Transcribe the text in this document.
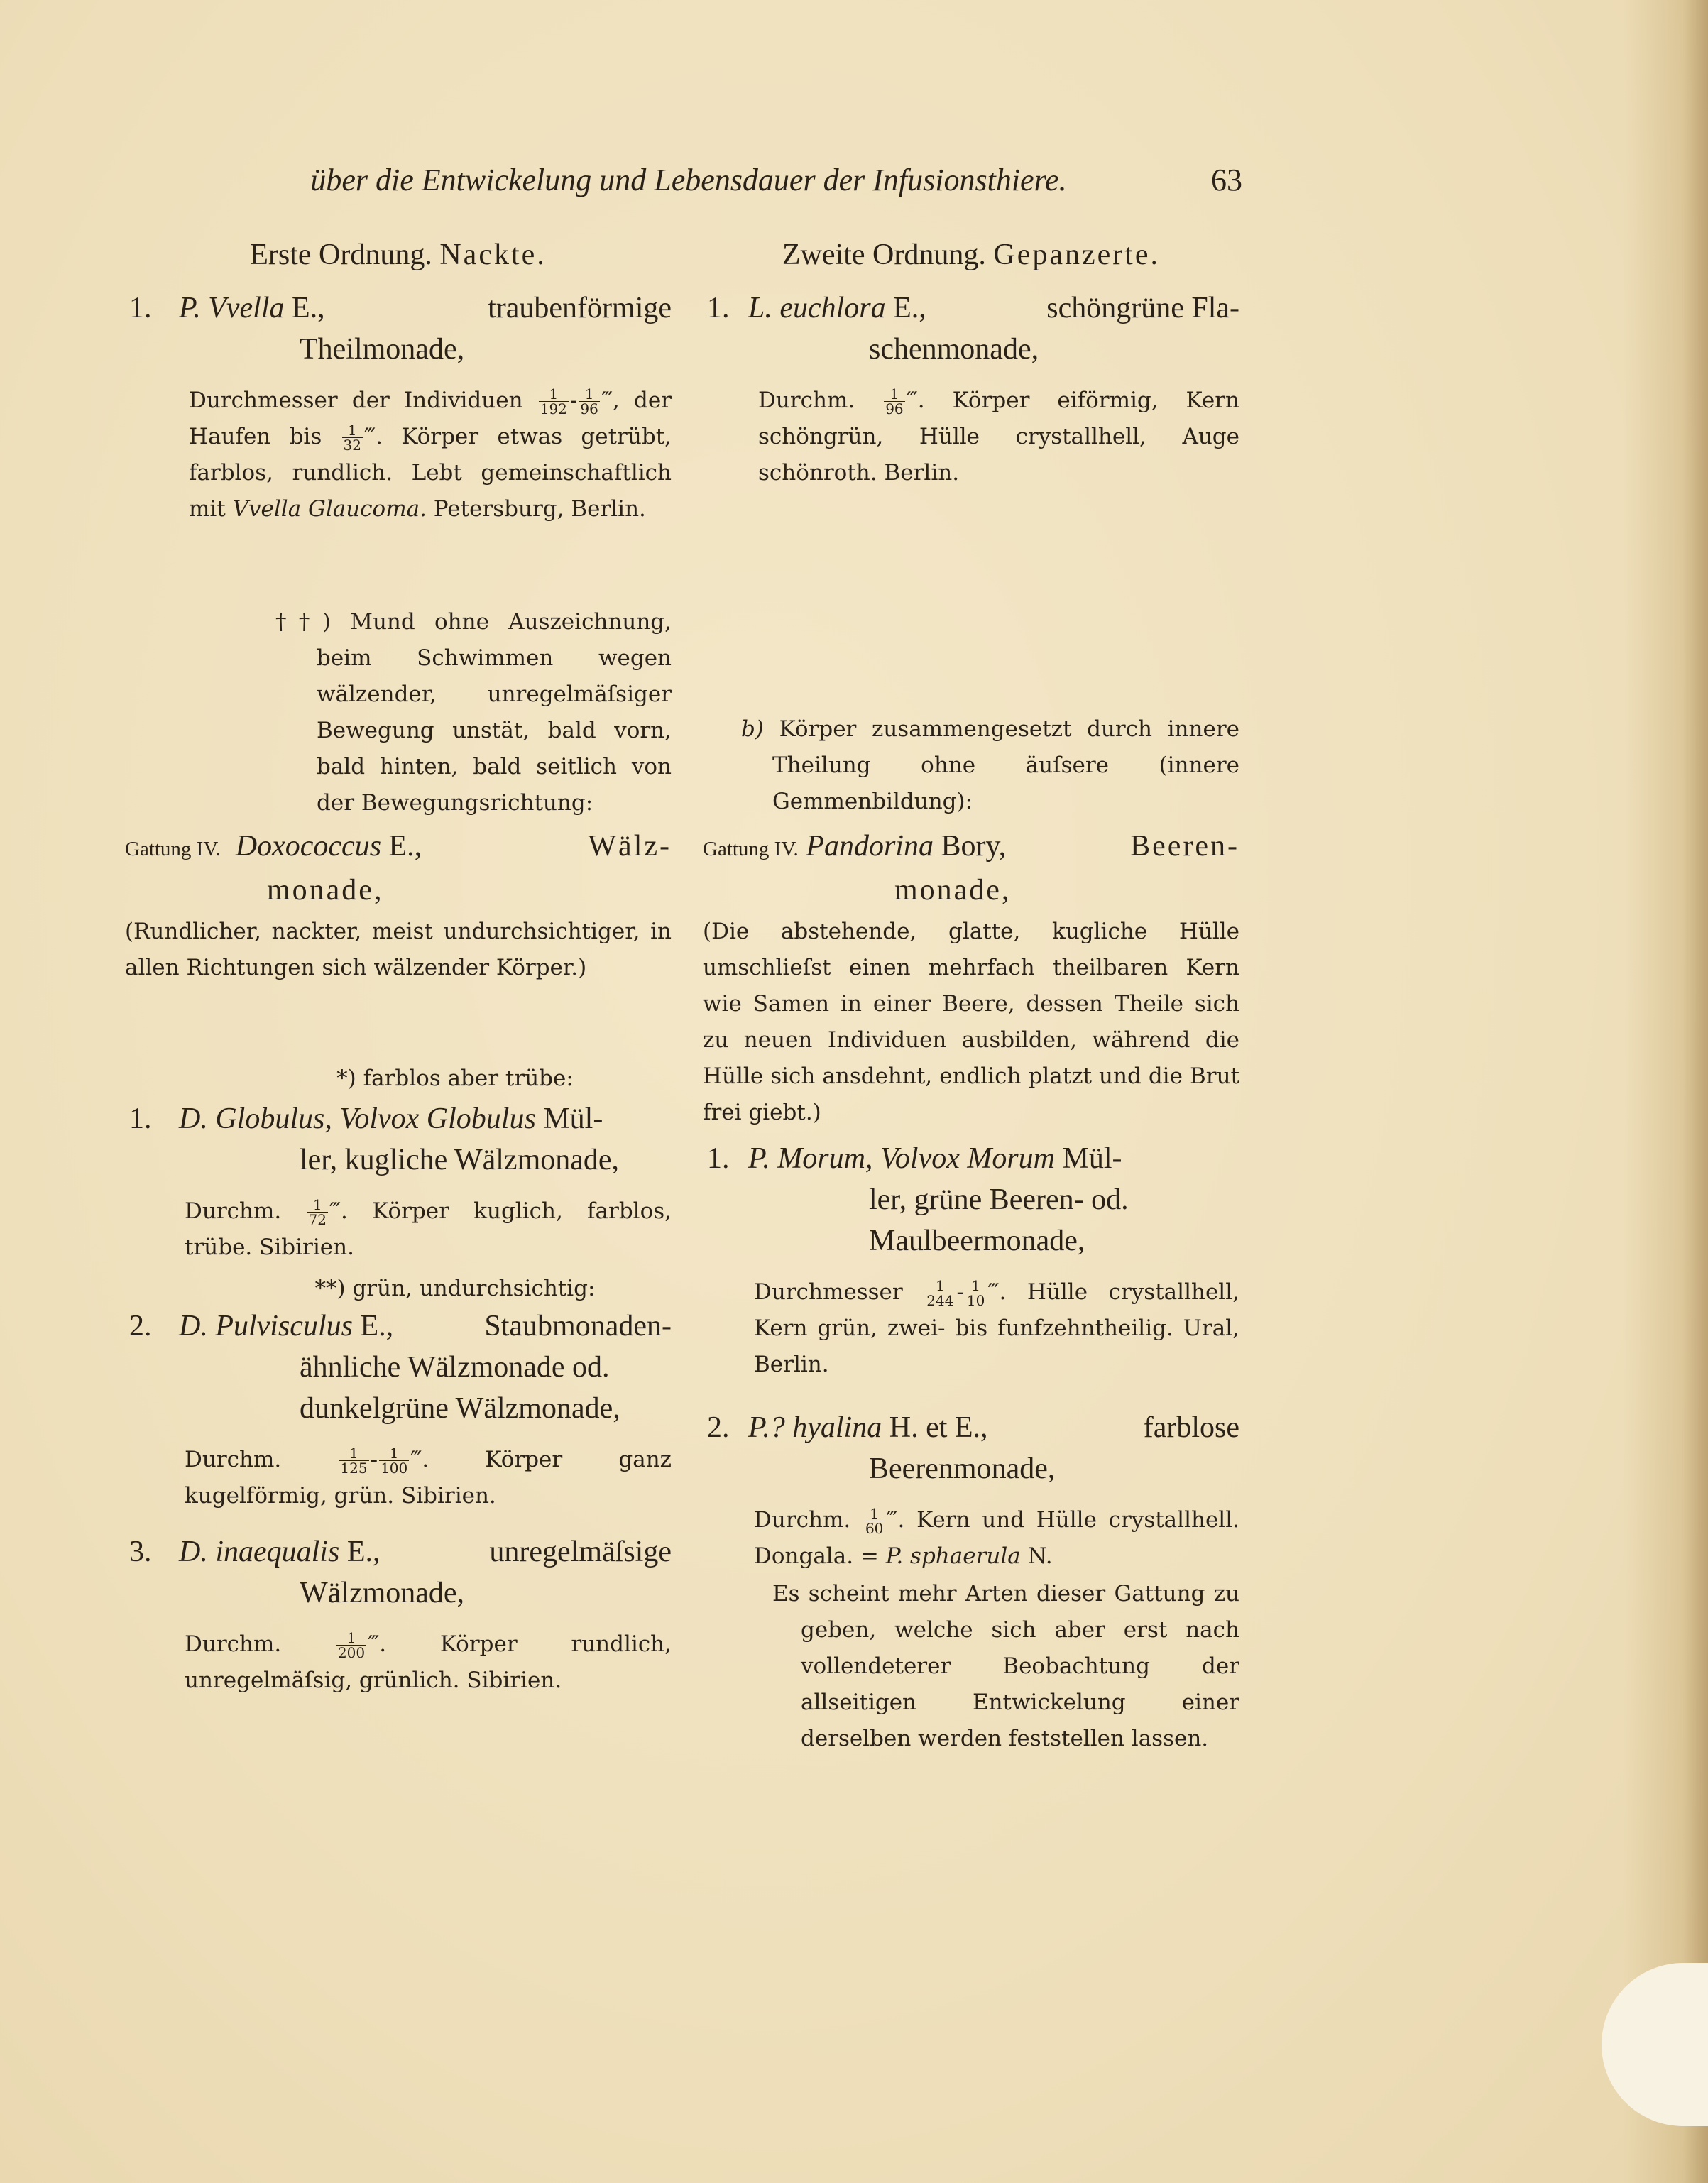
über die Entwickelung und Lebensdauer der Infusionsthiere.	63
Erste Ordnung. Nackte.
1. P. Vvella E.,	traubenförmige
Theilmonade,
Durchmesser der Individuen $\frac{1}{192} - \frac{1}{96}$ ‴, der Haufen bis $\frac{1}{32}$ ‴. Körper etwas getrübt, farblos, rundlich. Lebt gemeinschaftlich mit Vvella Glaucoma. Petersburg, Berlin.
††) Mund ohne Auszeichnung, beim Schwimmen wegen wälzender, unregelmäſsiger Bewegung unstät, bald vorn, bald hinten, bald seitlich von der Bewegungsrichtung:
Gattung IV. Doxococcus E.,	Wälz-
monade,
(Rundlicher, nackter, meist undurchsichtiger, in allen Richtungen sich wälzender Körper.)
*) farblos aber trübe:
1. D. Globulus, Volvox Globulus Mül-
ler, kugliche Wälzmonade,
Durchm. $\frac{1}{72}$ ‴. Körper kuglich, farblos, trübe. Sibirien.
**) grün, undurchsichtig:
2. D. Pulvisculus E.,	Staubmonaden-
ähnliche Wälzmonade od. dunkelgrüne Wälzmonade,
Durchm.	$\frac{1}{125} - \frac{1}{100}$ ‴. Körper ganz kugelförmig, grün. Sibirien.
3. D. inaequalis E.,	unregelmäſsige
Wälzmonade,
Durchm.	$\frac{1}{200}$ ‴. Körper rundlich, unregelmäſsig, grünlich. Sibirien.
Zweite Ordnung. Gepanzerte.
1. L. euchlora E.,	schöngrüne Fla-
schenmonade,
Durchm. $\frac{1}{96}$ ‴. Körper eiförmig, Kern schöngrün, Hülle crystallhell, Auge schönroth. Berlin.
b) Körper zusammengesetzt durch innere Theilung ohne äuſsere (innere Gemmenbildung):
Gattung IV. Pandorina Bory,	Beeren-
monade,
(Die abstehende, glatte, kugliche Hülle umschlieſst einen mehrfach theilbaren Kern wie Samen in einer Beere, dessen Theile sich zu neuen Individuen ausbilden, während die Hülle sich ansdehnt, endlich platzt und die Brut frei giebt.)
1. P. Morum, Volvox Morum Mül-
ler, grüne Beeren- od. Maulbeermonade,
Durchmesser $\frac{1}{244} - \frac{1}{10}$ ‴. Hülle crystallhell, Kern grün, zwei- bis funfzehntheilig. Ural, Berlin.
2. P.? hyalina H. et E.,	farblose
Beerenmonade,
Durchm. $\frac{1}{60}$ ‴. Kern und Hülle crystallhell. Dongala. = P. sphaerula N.
Es scheint mehr Arten dieser Gattung zu geben, welche sich aber erst nach vollendeterer Beobachtung der allseitigen Entwickelung einer derselben werden feststellen lassen.
